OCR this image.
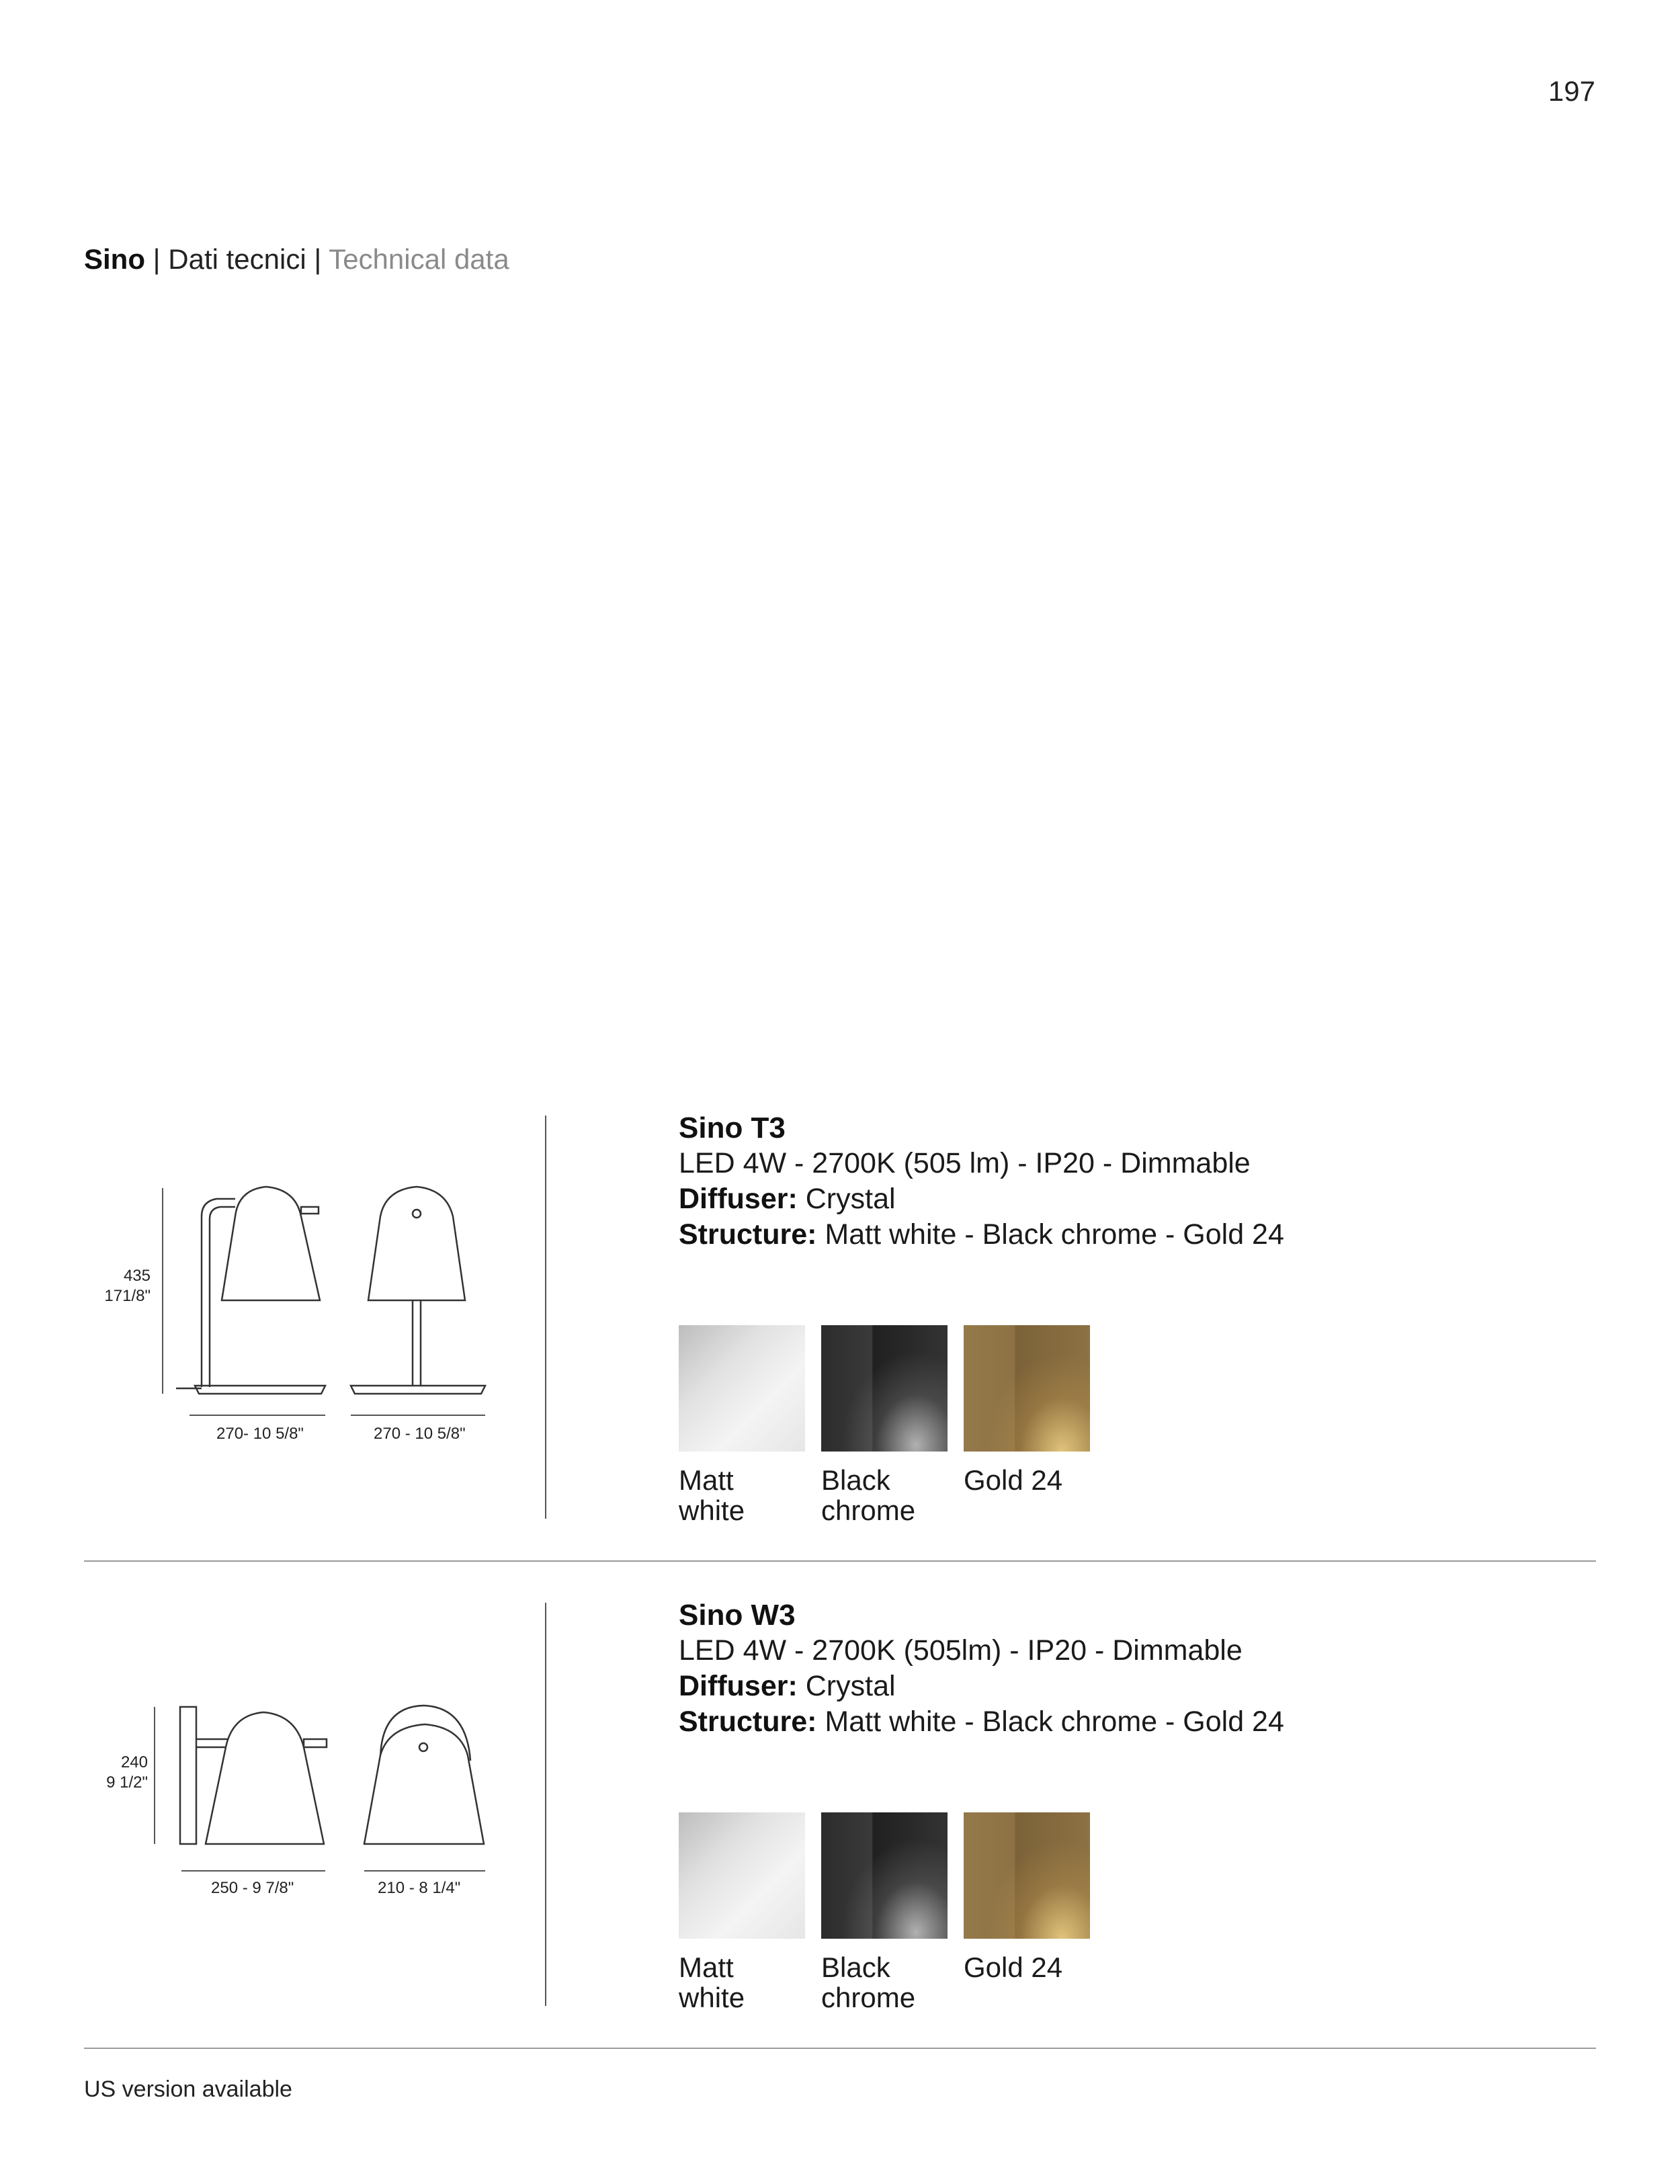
197
Sino | Dati tecnici | Technical data
435
171/8"
270- 10 5/8"	270 - 10 5/8"
Sino T3
LED 4W - 2700K (505 lm) - IP20 - Dimmable
Diffuser: Crystal
Structure: Matt white - Black chrome - Gold 24
Matt
white
Black
chrome
Gold 24
240
9 1/2"
250 - 9 7/8"	210 - 8 1/4"
Sino W3
LED 4W - 2700K (505lm) - IP20 - Dimmable
Diffuser: Crystal
Structure: Matt white - Black chrome - Gold 24
Matt
white
Black
chrome
Gold 24
US version available
